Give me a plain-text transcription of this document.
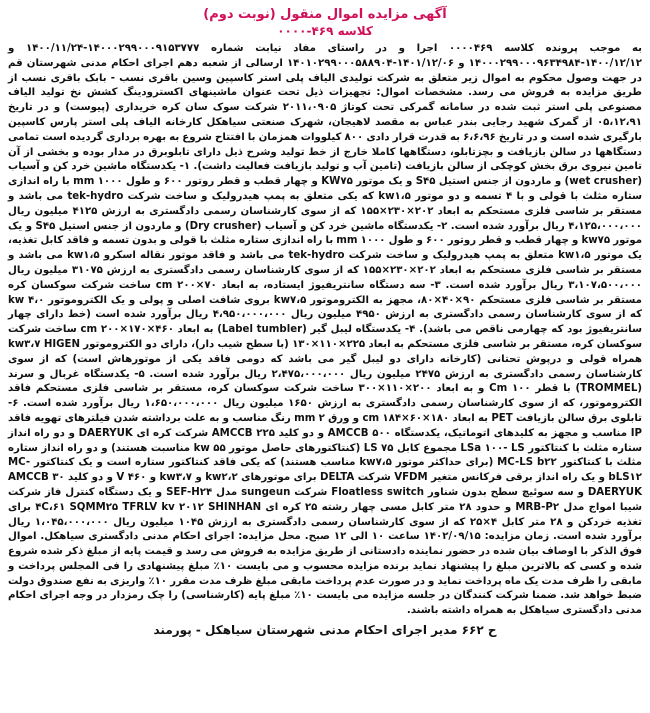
آگهی مزایده اموال منقول (نوبت دوم)
کلاسه ۴۶۹-۰۰۰۰

به موجب پرونده کلاسه ۰۰۰۰۴۶۹ اجرا و در راستای مفاد نیابت شماره ۱۴۰۰۰۲۹۹۰۰۰۹۱۵۳۷۷۷-۱۴۰۰/۱۱/۲۴ و ۱۴۰۰/۱۲/۱۲-۱۴۰۰۰۲۹۹۰۰۰۹۶۳۴۹۸۴ و ۱۴۰۱/۱۲/۰۶-۱۴۰۱۰۲۹۹۰۰۰۵۸۸۹۰۴ ارسالی از شعبه دهم اجرای احکام مدنی شهرستان قم در جهت وصول محکوم به اموال زیر متعلق به شرکت تولیدی الیاف پلی استر کاسپین وسین باقری نسب - بابک باقری نسب از طریق مزایده به فروش می رسد. مشخصات اموال: تجهیزات ذیل تحت عنوان ماشینهای اکسترودینگ کشش نخ تولید الیاف مصنوعی پلی استر ثبت شده در سامانه گمرکی تحت کوتاژ ۲۰۱۱،۰۹۰۵ شرکت سوک سان کره خریداری (پیوست) و در تاریخ ۰۵،۱۲،۹۱ از گمرک شهید رجایی بندر عباس به مقصد لاهیجان، شهرک صنعتی سیاهکل کارخانه الیاف پلی استر پارس کاسپین بارگیری شده است و در تاریخ ۶،۶،۹۶ به قدرت قرار دادی ۸۰۰ کیلووات همزمان با افتتاح شروع به بهره برداری گردیده است تمامی دستگاهها در سالن بازیافت و بچزتابلو، دستگاهها کاملا خارج از خط تولید وشرح ذیل دارای تابلوبرق در مدار بوده و بخشی از آن تامین نیروی برق بخش کوچکی از سالن بازیافت (تامین آب و تولید بازیافت فعالیت داشت). ۱- یکدستگاه ماشین خرد کن و آسیاب (wet crusher) و ماردون از جنس استیل S۴۵ و یک موتور KW۷۵ و چهار قطب و قطر روتور ۶۰۰ و طول ۱۰۰۰ mm با راه اندازی ستاره مثلث با قولی و با ۴ تسمه و دو موتور kw۱،۵ که یکی متعلق به پمپ هیدرولیک و ساخت شرکت tek-hydro می باشد و مستقر بر شاسی فلزی مستحکم به ابعاد ۲۰۲×۲۳۰×۱۵۵ که از سوی کارشناسان رسمی دادگستری به ارزش ۴۱۲۵ میلیون ریال ۴،۱۲۵،۰۰۰،۰۰۰ ریال برآورد شده است. ۲- یکدستگاه ماشین خرد کن و آسیاب (Dry crusher) و ماردون از جنس استیل S۴۵ و یک موتور kw۷۵ و چهار قطب و قطر روتور ۶۰۰ و طول ۱۰۰۰ mm با راه اندازی ستاره مثلث با قولی و بدون تسمه و فاقد کابل تغذیه، یک موتور kw۱،۵ متعلق به پمپ هیدرولیک و ساخت شرکت tek-hydro می باشد و فاقد موتور نقاله اسکرو kw۱،۵ می باشد و مستقر بر شاسی فلزی مستحکم به ابعاد ۲۰۲×۲۳۰×۱۵۵ که از سوی کارشناسان رسمی دادگستری به ارزش ۳۱۰۷۵ میلیون ریال ۳،۱۰۷،۵۰۰،۰۰۰ ریال برآورد شده است. ۳- سه دستگاه سانتریفیوژ ایستاده، به ابعاد ۷۰×۲۰۰ cm ساخت شرکت سوکسان کره مستقر بر شاسی فلزی مستحکم ۹۰×۴۰×۸۰، مجهز به الکتروموتور kw۷،۵ بروی شافت اصلی و پولی و یک الکتروموتور ۴،۰ kw که از سوی کارشناسان رسمی دادگستری به ارزش ۴۹۵۰ میلیون ریال ۴،۹۵۰،۰۰۰،۰۰۰ ریال برآورد شده است (خط دارای چهار سانتریفیوژ بود که چهارمی ناقص می باشد). ۴- یکدستگاه لیبل گیر (Label tumbler) به ابعاد ۴۶۰×۱۷۰×۲۰۰ cm ساخت شرکت سوکسان کره، مستقر بر شاسی فلزی مستحکم به ابعاد ۲۲۵×۱۱۰×۱۳۰ (با سطح شیب دار)، دارای دو الکتروموتور kw۳،۷ HIGEN همراه قولی و درپوش تحتانی (کارخانه دارای دو لیبل گیر می باشد که دومی فاقد یکی از موتورهاش است) که از سوی کارشناسان رسمی دادگستری به ارزش ۲۴۷۵ میلیون ریال ۲،۴۷۵،۰۰۰،۰۰۰ ریال برآورد شده است. ۵- یکدستگاه غربال و سرند (TROMMEL) با قطر ۱۰۰ Cm و به ابعاد ۲۰۰×۱۱۰×۳۰۰ ساخت شرکت سوکسان کره، مستقر بر شاسی فلزی مستحکم فاقد الکتروموتور، که از سوی کارشناسان رسمی دادگستری به ارزش ۱۶۵۰ میلیون ریال ۱،۶۵۰،۰۰۰،۰۰۰ ریال برآورد شده است. ۶- تابلوی برق سالن بازیافت PET به ابعاد ۱۸۰×۶۰×۱۸۴ cm و ورق ۲ mm رنگ مناسب و به علت برداشته شدن فیلترهای تهویه فاقد IP مناسب و مجهز به کلیدهای اتوماتیک، یکدستگاه AMCCB ۵۰۰ و دو کلید ۲۲۵ AMCCB شرکت کره ای DAERYUK و دو راه انداز ستاره مثلث با کنتاکتور LSa ۱۰۰- LS مجموع کابل LS ۷۵ (کنتاکتورهای حاصل موتور ۵۵ kw مناسبت هستند) و دو راه انداز ستاره مثلث با کنتاکتور MC-LS b۲۲ (برای حداکثر موتور kw۷،۵ مناسب هستند) که یکی فاقد کنتاکتور ستاره است و یک کنتاکتور MC-bLS۱۲ و یک راه انداز برقی فرکانس متغیر VFDM شرکت DELTA برای موتورهای kw۲،۲ و kw۳،۷ و ۴۶۰ V و دو کلید ۳۰ AMCCB DAERYUK و سه سوئیچ سطح بدون شناور Floatless switch شرکت sungeun مدل SEF-H۲۴ و یک دستگاه کنترل فاز شرکت شیبا امواج مدل MRB-P۲ و حدود ۲۸ متر کابل مسی چهار رشته ۲۵ کره ای ۴C،۶۱ SQMM۲۵ TFRLV kv ۲۰۱۲ SHINHAN برای تغذیه خردکن و ۲۸ متر کابل ۴×۲۵ که از سوی کارشناسان رسمی دادگستری به ارزش ۱۰۴۵ میلیون ریال ۱،۰۴۵،۰۰۰،۰۰۰ ریال برآورد شده است. زمان مزایده: ۱۴۰۲/۰۹/۱۵ ساعت ۱۰ الی ۱۲ صبح. محل مزایده: اجرای احکام مدنی دادگستری سیاهکل. اموال فوق الذکر با اوصاف بیان شده در حضور نماینده دادستانی از طریق مزایده به فروش می رسد و قیمت پایه از مبلغ ذکر شده شروع شده و کسی که بالاترین مبلغ را پیشنهاد نماید برنده مزایده محسوب و می بایست ۱۰٪ مبلغ پیشنهادی را فی المجلس پرداخت و مابقی را ظرف مدت یک ماه پرداخت نماید و در صورت عدم پرداخت مابقی مبلغ ظرف مدت مقرر ۱۰٪ واریزی به نفع صندوق دولت ضبط خواهد شد. ضمنا شرکت کنندگان در جلسه مزایده می بایست ۱۰٪ مبلغ پایه (کارشناسی) را چک رمزدار در وجه اجرای احکام مدنی دادگستری سیاهکل به همراه داشته باشند.

ح ۶۶۲ مدیر اجرای احکام مدنی شهرستان سیاهکل - پورمند
